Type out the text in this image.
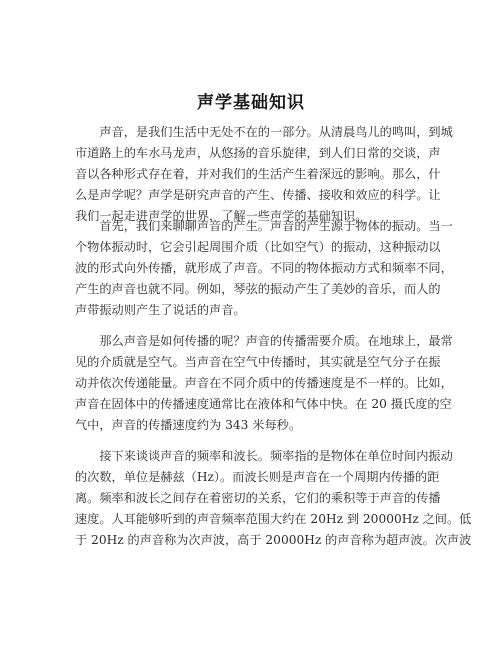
声学基础知识
　　声音，是我们生活中无处不在的一部分。从清晨鸟儿的鸣叫，到城
市道路上的车水马龙声，从悠扬的音乐旋律，到人们日常的交谈，声
音以各种形式存在着，并对我们的生活产生着深远的影响。那么，什
么是声学呢？声学是研究声音的产生、传播、接收和效应的科学。让
我们一起走进声学的世界，了解一些声学的基础知识。
　　首先，我们来聊聊声音的产生。声音的产生源于物体的振动。当一
个物体振动时，它会引起周围介质（比如空气）的振动，这种振动以
波的形式向外传播，就形成了声音。不同的物体振动方式和频率不同，
产生的声音也就不同。例如，琴弦的振动产生了美妙的音乐，而人的
声带振动则产生了说话的声音。
　　那么声音是如何传播的呢？声音的传播需要介质。在地球上，最常
见的介质就是空气。当声音在空气中传播时，其实就是空气分子在振
动并依次传递能量。声音在不同介质中的传播速度是不一样的。比如，
声音在固体中的传播速度通常比在液体和气体中快。在 20 摄氏度的空
气中，声音的传播速度约为 343 米每秒。
　　接下来谈谈声音的频率和波长。频率指的是物体在单位时间内振动
的次数，单位是赫兹（Hz）。而波长则是声音在一个周期内传播的距
离。频率和波长之间存在着密切的关系，它们的乘积等于声音的传播
速度。人耳能够听到的声音频率范围大约在 20Hz 到 20000Hz 之间。低
于 20Hz 的声音称为次声波，高于 20000Hz 的声音称为超声波。次声波
